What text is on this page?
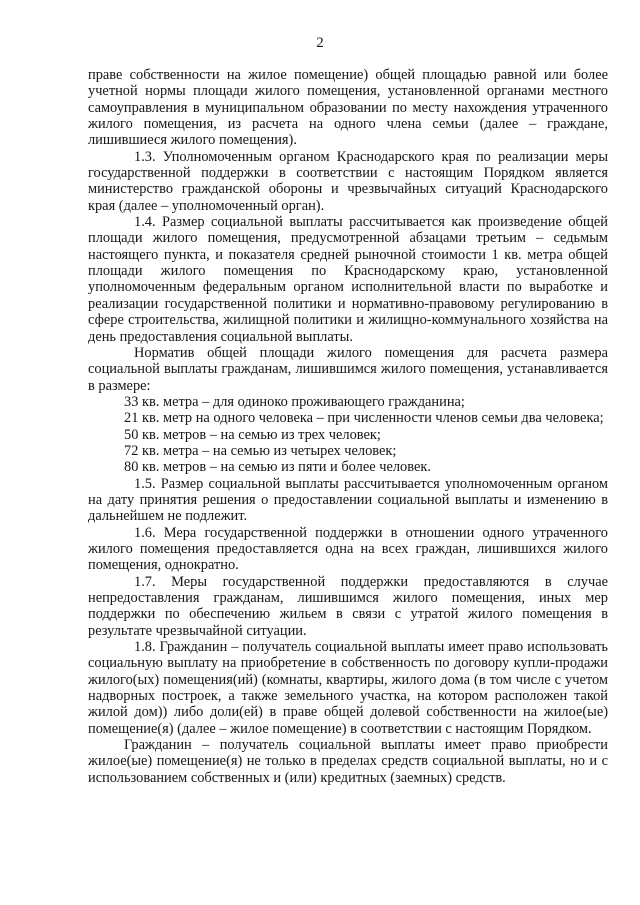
2

праве собственности на жилое помещение) общей площадью равной или более учетной нормы площади жилого помещения, установленной органами местного самоуправления в муниципальном образовании по месту нахождения утраченного жилого помещения, из расчета на одного члена семьи (далее – граждане, лишившиеся жилого помещения).

1.3. Уполномоченным органом Краснодарского края по реализации меры государственной поддержки в соответствии с настоящим Порядком является министерство гражданской обороны и чрезвычайных ситуаций Краснодарского края (далее – уполномоченный орган).

1.4. Размер социальной выплаты рассчитывается как произведение общей площади жилого помещения, предусмотренной абзацами третьим – седьмым настоящего пункта, и показателя средней рыночной стоимости 1 кв. метра общей площади жилого помещения по Краснодарскому краю, установленной уполномоченным федеральным органом исполнительной власти по выработке и реализации государственной политики и нормативно-правовому регулированию в сфере строительства, жилищной политики и жилищно-коммунального хозяйства на день предоставления социальной выплаты.

Норматив общей площади жилого помещения для расчета размера социальной выплаты гражданам, лишившимся жилого помещения, устанавливается в размере:

33 кв. метра – для одиноко проживающего гражданина;

21 кв. метр на одного человека – при численности членов семьи два человека;

50 кв. метров – на семью из трех человек;

72 кв. метра – на семью из четырех человек;

80 кв. метров – на семью из пяти и более человек.

1.5. Размер социальной выплаты рассчитывается уполномоченным органом на дату принятия решения о предоставлении социальной выплаты и изменению в дальнейшем не подлежит.

1.6. Мера государственной поддержки в отношении одного утраченного жилого помещения предоставляется одна на всех граждан, лишившихся жилого помещения, однократно.

1.7. Меры государственной поддержки предоставляются в случае непредоставления гражданам, лишившимся жилого помещения, иных мер поддержки по обеспечению жильем в связи с утратой жилого помещения в результате чрезвычайной ситуации.

1.8. Гражданин – получатель социальной выплаты имеет право использовать социальную выплату на приобретение в собственность по договору купли-продажи жилого(ых) помещения(ий) (комнаты, квартиры, жилого дома (в том числе с учетом надворных построек, а также земельного участка, на котором расположен такой жилой дом)) либо доли(ей) в праве общей долевой собственности на жилое(ые) помещение(я) (далее – жилое помещение) в соответствии с настоящим Порядком.

Гражданин – получатель социальной выплаты имеет право приобрести жилое(ые) помещение(я) не только в пределах средств социальной выплаты, но и с использованием собственных и (или) кредитных (заемных) средств.
